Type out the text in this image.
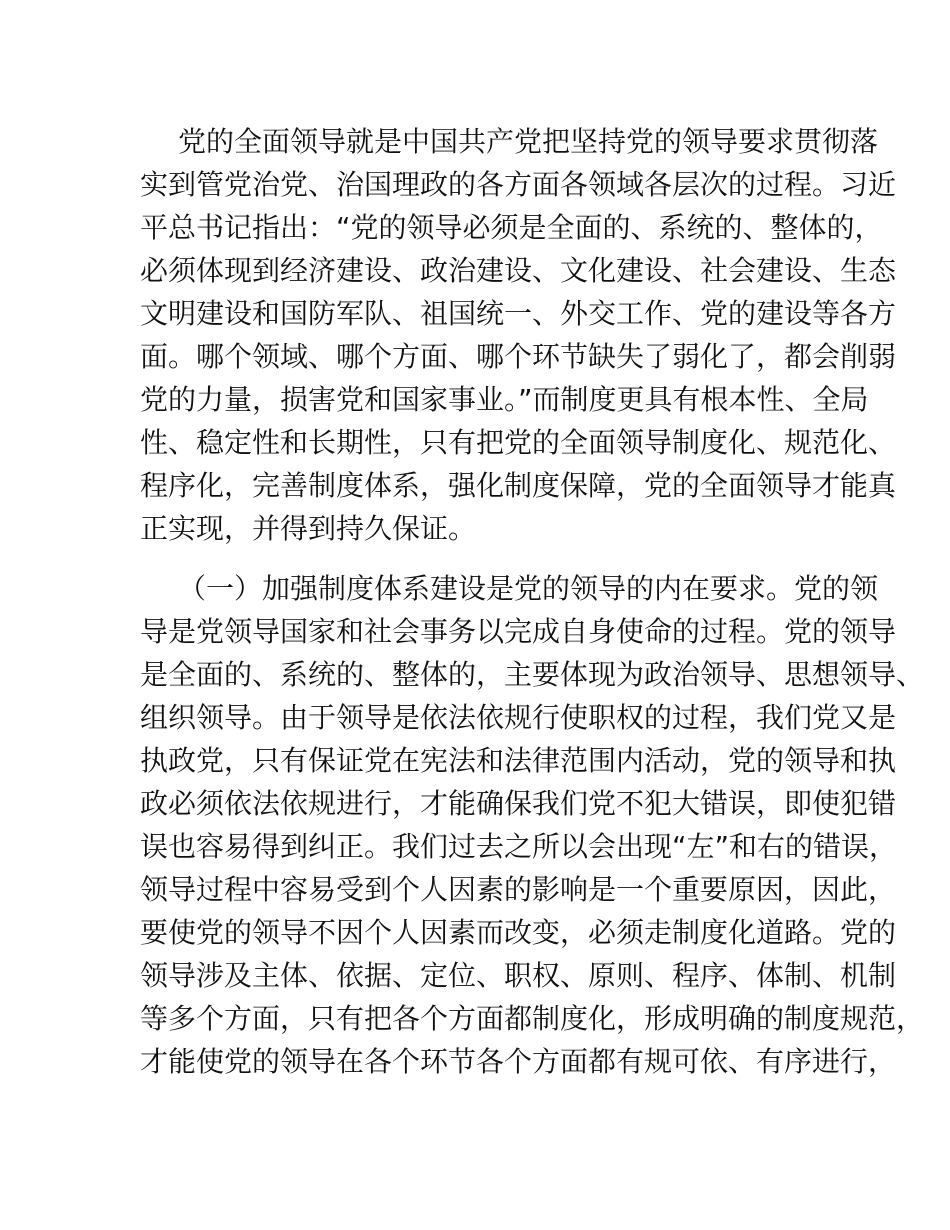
党的全面领导就是中国共产党把坚持党的领导要求贯彻落
实到管党治党、治国理政的各方面各领域各层次的过程。习近
平总书记指出：“党的领导必须是全面的、系统的、整体的，
必须体现到经济建设、政治建设、文化建设、社会建设、生态
文明建设和国防军队、祖国统一、外交工作、党的建设等各方
面。哪个领域、哪个方面、哪个环节缺失了弱化了，都会削弱
党的力量，损害党和国家事业。”而制度更具有根本性、全局
性、稳定性和长期性，只有把党的全面领导制度化、规范化、
程序化，完善制度体系，强化制度保障，党的全面领导才能真
正实现，并得到持久保证。
（一）加强制度体系建设是党的领导的内在要求。党的领
导是党领导国家和社会事务以完成自身使命的过程。党的领导
是全面的、系统的、整体的，主要体现为政治领导、思想领导、
组织领导。由于领导是依法依规行使职权的过程，我们党又是
执政党，只有保证党在宪法和法律范围内活动，党的领导和执
政必须依法依规进行，才能确保我们党不犯大错误，即使犯错
误也容易得到纠正。我们过去之所以会出现“左”和右的错误，
领导过程中容易受到个人因素的影响是一个重要原因，因此，
要使党的领导不因个人因素而改变，必须走制度化道路。党的
领导涉及主体、依据、定位、职权、原则、程序、体制、机制
等多个方面，只有把各个方面都制度化，形成明确的制度规范，
才能使党的领导在各个环节各个方面都有规可依、有序进行，
